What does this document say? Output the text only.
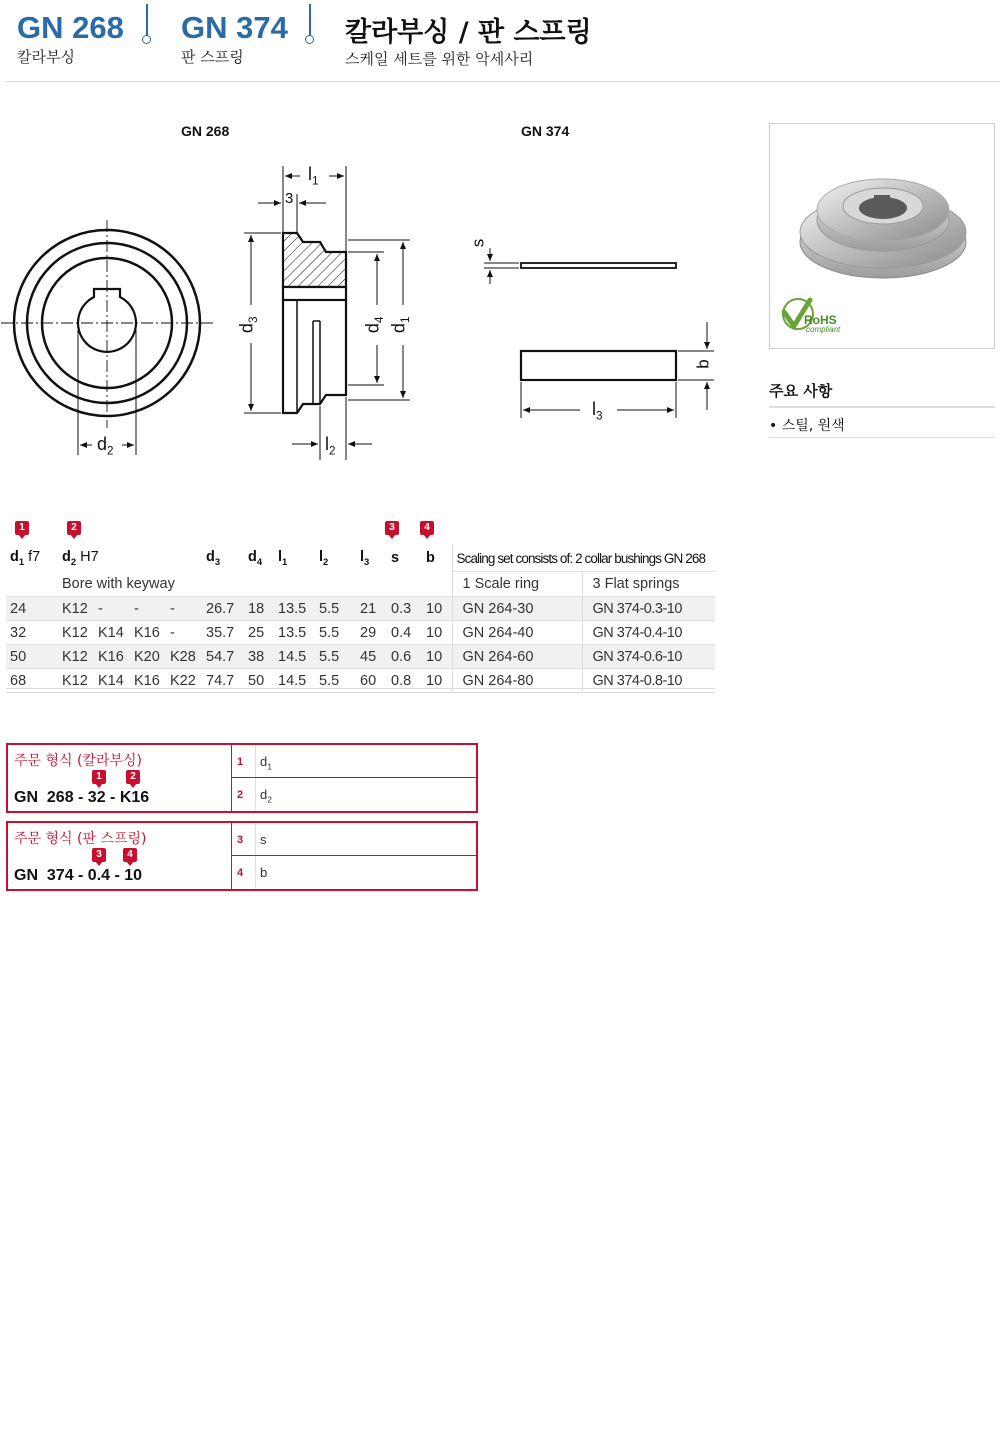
GN 268
칼라부싱
GN 374
판 스프링
칼라부싱 / 판 스프링
스케일 세트를 위한 악세사리
GN 268	GN 374
$l_1$
3
$d_3$
$d_4$
$d_1$
$l_2$
$d_2$
s
b
$l_3$
RoHS
compliant
주요 사항
• 스틸, 원색
1	2	3	4
$d_1$ f7	$d_2$ H7				$d_3$	$d_4$	$l_1$	$l_2$	$l_3$	s	b	Scaling set consists of: 2 collar bushings GN 268	
	Bore with keyway											1 Scale ring	3 Flat springs
24	K12	-	-	-	26.7	18	13.5	5.5	21	0.3	10	GN 264-30	GN 374-0.3-10
32	K12	K14	K16	-	35.7	25	13.5	5.5	29	0.4	10	GN 264-40	GN 374-0.4-10
50	K12	K16	K20	K28	54.7	38	14.5	5.5	45	0.6	10	GN 264-60	GN 374-0.6-10
68	K12	K14	K16	K22	74.7	50	14.5	5.5	60	0.8	10	GN 264-80	GN 374-0.8-10
주문 형식 (칼라부싱)
1	2
GN 268 - 32 - K16
1 $d_1$
2 $d_2$
주문 형식 (판 스프링)
3	4
GN 374 - 0.4 - 10
3 s
4 b
